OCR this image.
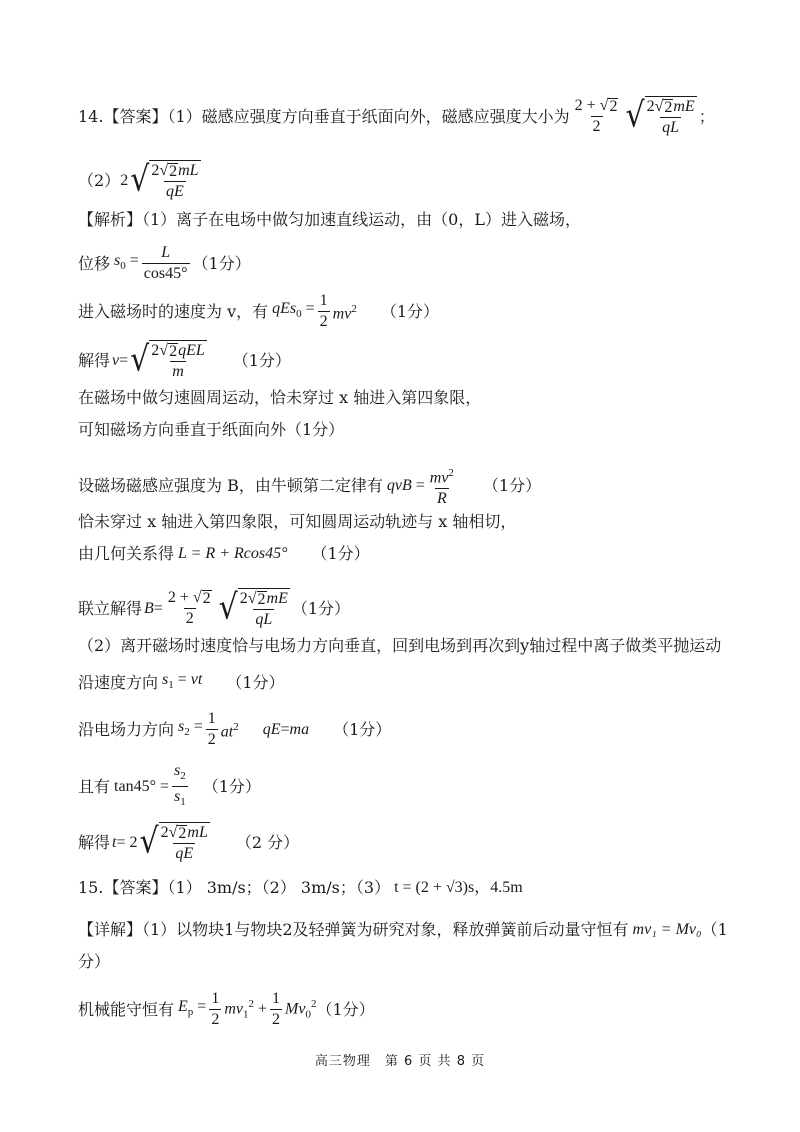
14.【答案】（1）磁感应强度方向垂直于纸面向外，磁感应强度大小为 $\frac{2 + √ 2}{2}$ √ $\frac{2 √ 2 mE}{qL}$ ；
（2） 2 √ $\frac{2 √ 2 mL}{qE}$
【解析】（1）离子在电场中做匀加速直线运动，由（0，L）进入磁场，
位移 $s_0 = \frac{L}{\cos 45^\circ} (1$分）
进入磁场时的速度为 v，有 $qEs_0 = \frac{1}{2} mv^2$ （1分）
解得 v = √ $\frac{\text{2 √ 2 qEL}}{m} (1$分）
在磁场中做匀速圆周运动，恰未穿过 x 轴进入第四象限，
可知磁场方向垂直于纸面向外（1分）
设磁场磁感应强度为 B，由牛顿第二定律有 qvB = $\frac{mv^2}{R} (1$分）
恰未穿过 x 轴进入第四象限，可知圆周运动轨迹与 x 轴相切，
由几何关系得 L = R + Rcos45° （1分）
联立解得 $B = \frac{2 + √ 2}{2}$ √ $\frac{2 √ 2 mE}{qL} (1$分）
（2）离开磁场时速度恰与电场力方向垂直，回到电场到再次到y轴过程中离子做类平抛运动
沿速度方向 $s_1$ = vt （1分）
沿电场力方向 $s_2 = \frac{1}{2} at^2$ qE = ma （1分）
且有 $\tan 45^\circ = \frac{s_2}{s_1} (1$分）
解得 t = 2 √ $\frac{2 √ 2 mL}{qE} (2$ 分）
15.【答案】（1） 3m/s；（2） 3m/s；（3） t = (2 + √3)s，4.5m
【详解】（1）以物块1与物块2及轻弹簧为研究对象，释放弹簧前后动量守恒有 mv₁ = Mv₀ （1
分）
机械能守恒有 $E_p = \frac{1}{2} mv_1^2 + \frac{1}{2} Mv_0^2$ （1分）
高三物理　第 6 页 共 8 页
